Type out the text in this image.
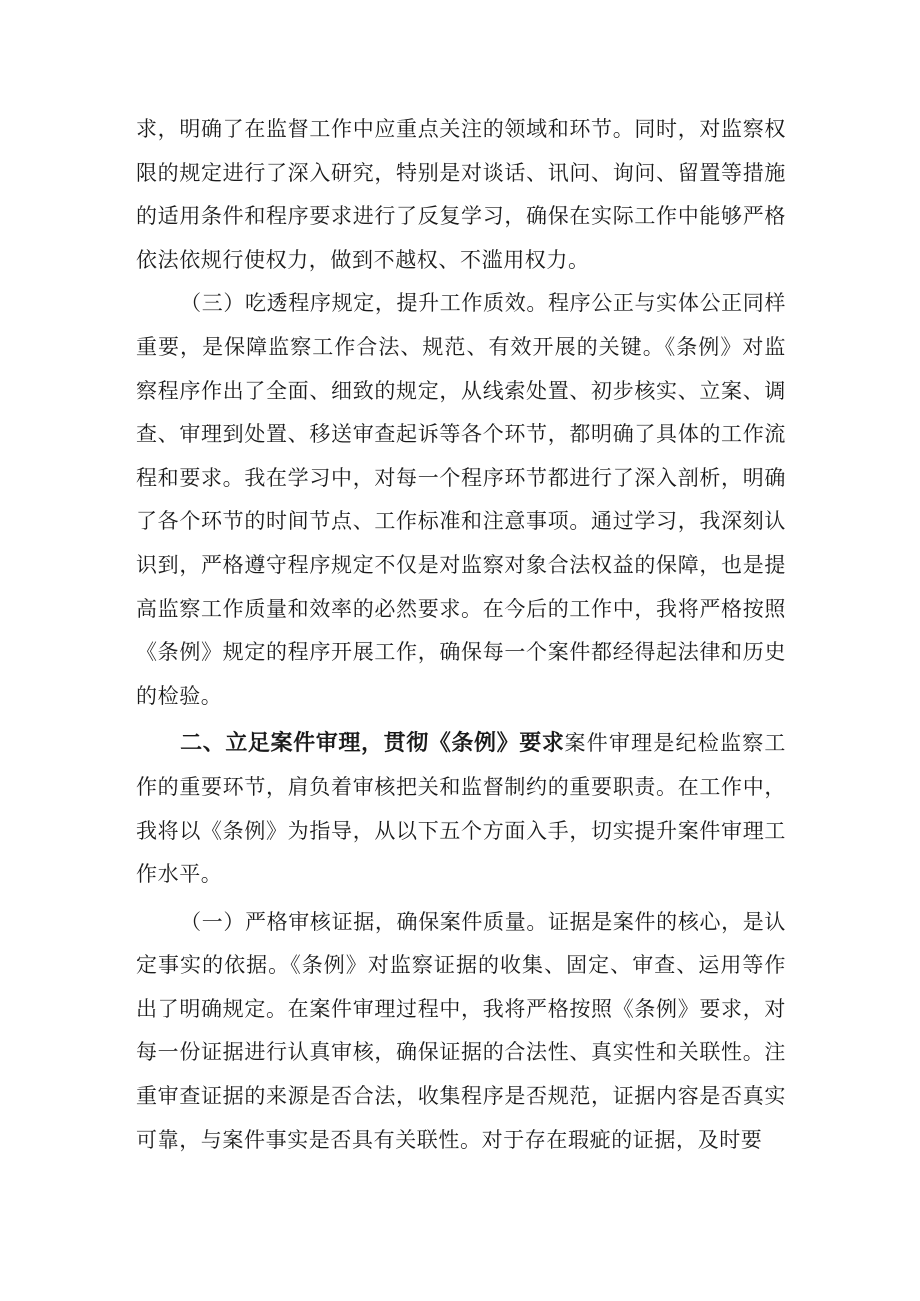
求，明确了在监督工作中应重点关注的领域和环节。同时，对监察权限的规定进行了深入研究，特别是对谈话、讯问、询问、留置等措施的适用条件和程序要求进行了反复学习，确保在实际工作中能够严格依法依规行使权力，做到不越权、不滥用权力。

（三）吃透程序规定，提升工作质效。程序公正与实体公正同样重要，是保障监察工作合法、规范、有效开展的关键。《条例》对监察程序作出了全面、细致的规定，从线索处置、初步核实、立案、调查、审理到处置、移送审查起诉等各个环节，都明确了具体的工作流程和要求。我在学习中，对每一个程序环节都进行了深入剖析，明确了各个环节的时间节点、工作标准和注意事项。通过学习，我深刻认识到，严格遵守程序规定不仅是对监察对象合法权益的保障，也是提高监察工作质量和效率的必然要求。在今后的工作中，我将严格按照《条例》规定的程序开展工作，确保每一个案件都经得起法律和历史的检验。

二、立足案件审理，贯彻《条例》要求案件审理是纪检监察工作的重要环节，肩负着审核把关和监督制约的重要职责。在工作中，我将以《条例》为指导，从以下五个方面入手，切实提升案件审理工作水平。

（一）严格审核证据，确保案件质量。证据是案件的核心，是认定事实的依据。《条例》对监察证据的收集、固定、审查、运用等作出了明确规定。在案件审理过程中，我将严格按照《条例》要求，对每一份证据进行认真审核，确保证据的合法性、真实性和关联性。注重审查证据的来源是否合法，收集程序是否规范，证据内容是否真实可靠，与案件事实是否具有关联性。对于存在瑕疵的证据，及时要
